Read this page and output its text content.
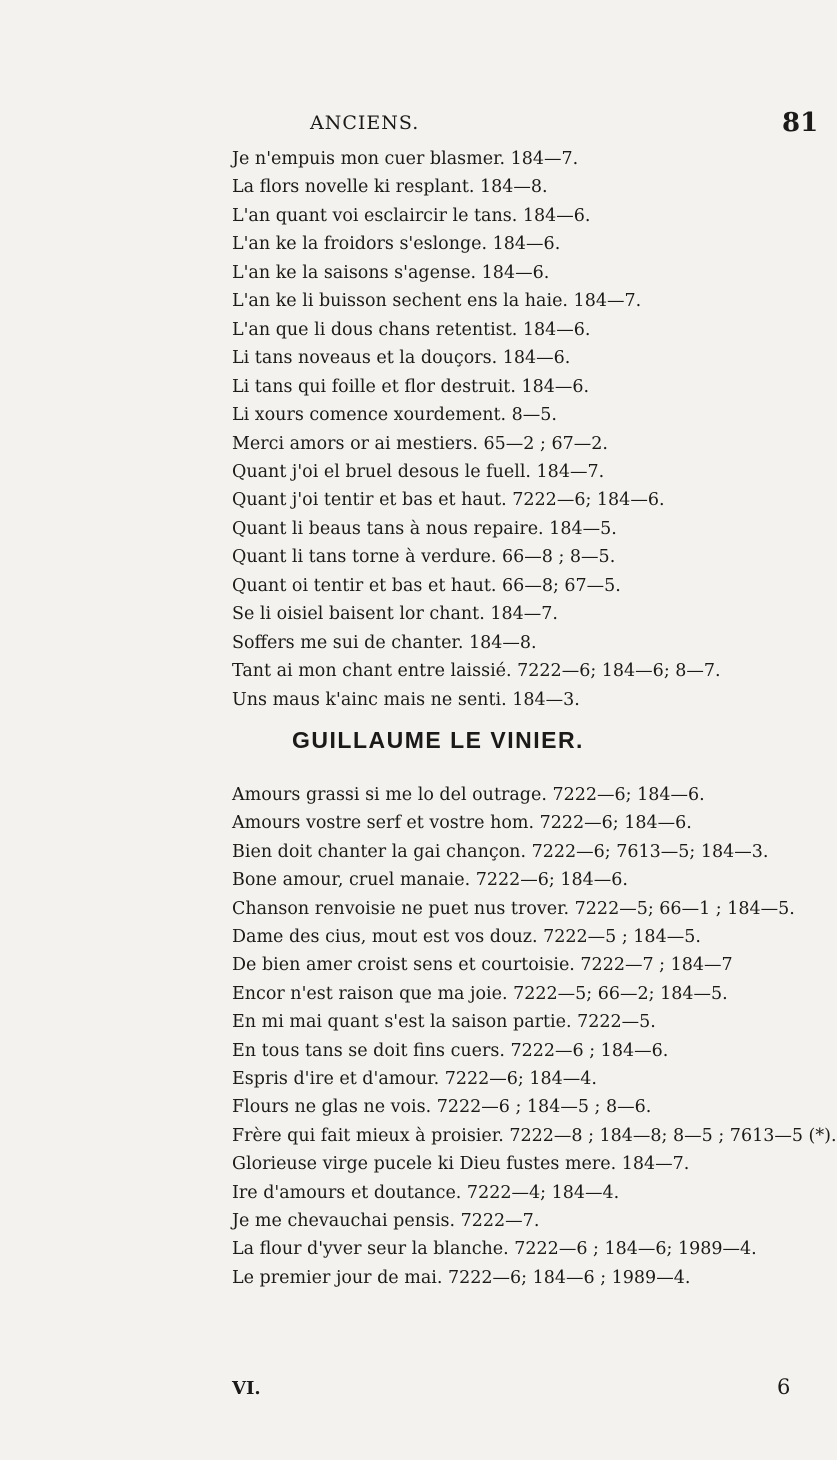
ANCIENS.	81
Je n'empuis mon cuer blasmer. 184—7.
La flors novelle ki resplant. 184—8.
L'an quant voi esclaircir le tans. 184—6.
L'an ke la froidors s'eslonge. 184—6.
L'an ke la saisons s'agense. 184—6.
L'an ke li buisson sechent ens la haie. 184—7.
L'an que li dous chans retentist. 184—6.
Li tans noveaus et la douçors. 184—6.
Li tans qui foille et flor destruit. 184—6.
Li xours comence xourdement. 8—5.
Merci amors or ai mestiers. 65—2 ; 67—2.
Quant j'oi el bruel desous le fuell. 184—7.
Quant j'oi tentir et bas et haut. 7222—6; 184—6.
Quant li beaus tans à nous repaire. 184—5.
Quant li tans torne à verdure. 66—8 ; 8—5.
Quant oi tentir et bas et haut. 66—8; 67—5.
Se li oisiel baisent lor chant. 184—7.
Soffers me sui de chanter. 184—8.
Tant ai mon chant entre laissié. 7222—6; 184—6; 8—7.
Uns maus k'ainc mais ne senti. 184—3.
GUILLAUME LE VINIER.
Amours grassi si me lo del outrage. 7222—6; 184—6.
Amours vostre serf et vostre hom. 7222—6; 184—6.
Bien doit chanter la gai chançon. 7222—6; 7613—5; 184—3.
Bone amour, cruel manaie. 7222—6; 184—6.
Chanson renvoisie ne puet nus trover. 7222—5; 66—1 ; 184—5.
Dame des cius, mout est vos douz. 7222—5 ; 184—5.
De bien amer croist sens et courtoisie. 7222—7 ; 184—7
Encor n'est raison que ma joie. 7222—5; 66—2; 184—5.
En mi mai quant s'est la saison partie. 7222—5.
En tous tans se doit fins cuers. 7222—6 ; 184—6.
Espris d'ire et d'amour. 7222—6; 184—4.
Flours ne glas ne vois. 7222—6 ; 184—5 ; 8—6.
Frère qui fait mieux à proisier. 7222—8 ; 184—8; 8—5 ; 7613—5 (*).
Glorieuse virge pucele ki Dieu fustes mere. 184—7.
Ire d'amours et doutance. 7222—4; 184—4.
Je me chevauchai pensis. 7222—7.
La flour d'yver seur la blanche. 7222—6 ; 184—6; 1989—4.
Le premier jour de mai. 7222—6; 184—6 ; 1989—4.
VI.	6
